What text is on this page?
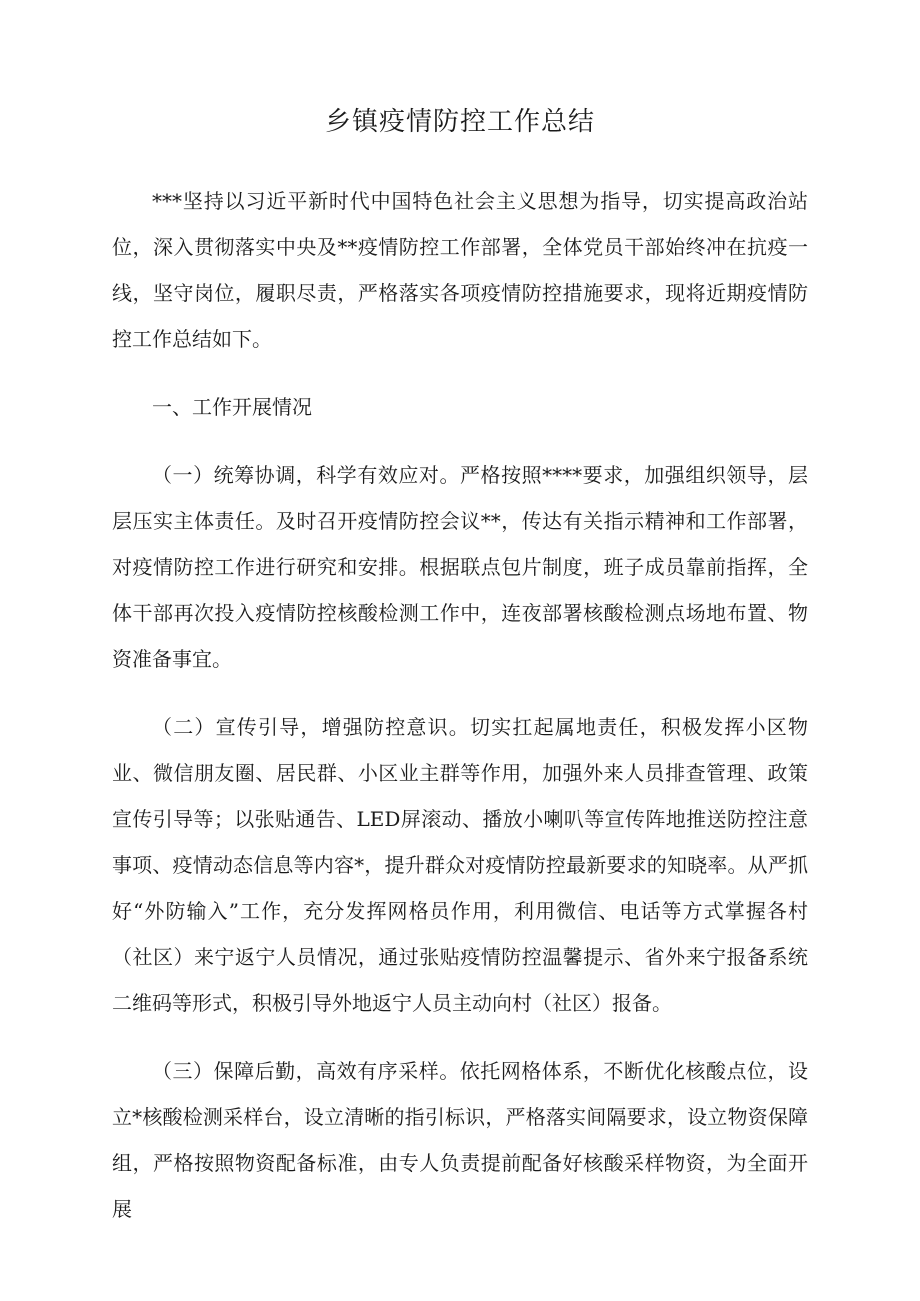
乡镇疫情防控工作总结

***坚持以习近平新时代中国特色社会主义思想为指导，切实提高政治站位，深入贯彻落实中央及**疫情防控工作部署，全体党员干部始终冲在抗疫一线，坚守岗位，履职尽责，严格落实各项疫情防控措施要求，现将近期疫情防控工作总结如下。

一、工作开展情况

（一）统筹协调，科学有效应对。严格按照****要求，加强组织领导，层层压实主体责任。及时召开疫情防控会议**，传达有关指示精神和工作部署，对疫情防控工作进行研究和安排。根据联点包片制度，班子成员靠前指挥，全体干部再次投入疫情防控核酸检测工作中，连夜部署核酸检测点场地布置、物资准备事宜。

（二）宣传引导，增强防控意识。切实扛起属地责任，积极发挥小区物业、微信朋友圈、居民群、小区业主群等作用，加强外来人员排查管理、政策宣传引导等；以张贴通告、LED屏滚动、播放小喇叭等宣传阵地推送防控注意事项、疫情动态信息等内容*，提升群众对疫情防控最新要求的知晓率。从严抓好“外防输入”工作，充分发挥网格员作用，利用微信、电话等方式掌握各村（社区）来宁返宁人员情况，通过张贴疫情防控温馨提示、省外来宁报备系统二维码等形式，积极引导外地返宁人员主动向村（社区）报备。

（三）保障后勤，高效有序采样。依托网格体系，不断优化核酸点位，设立*核酸检测采样台，设立清晰的指引标识，严格落实间隔要求，设立物资保障组，严格按照物资配备标准，由专人负责提前配备好核酸采样物资，为全面开展
